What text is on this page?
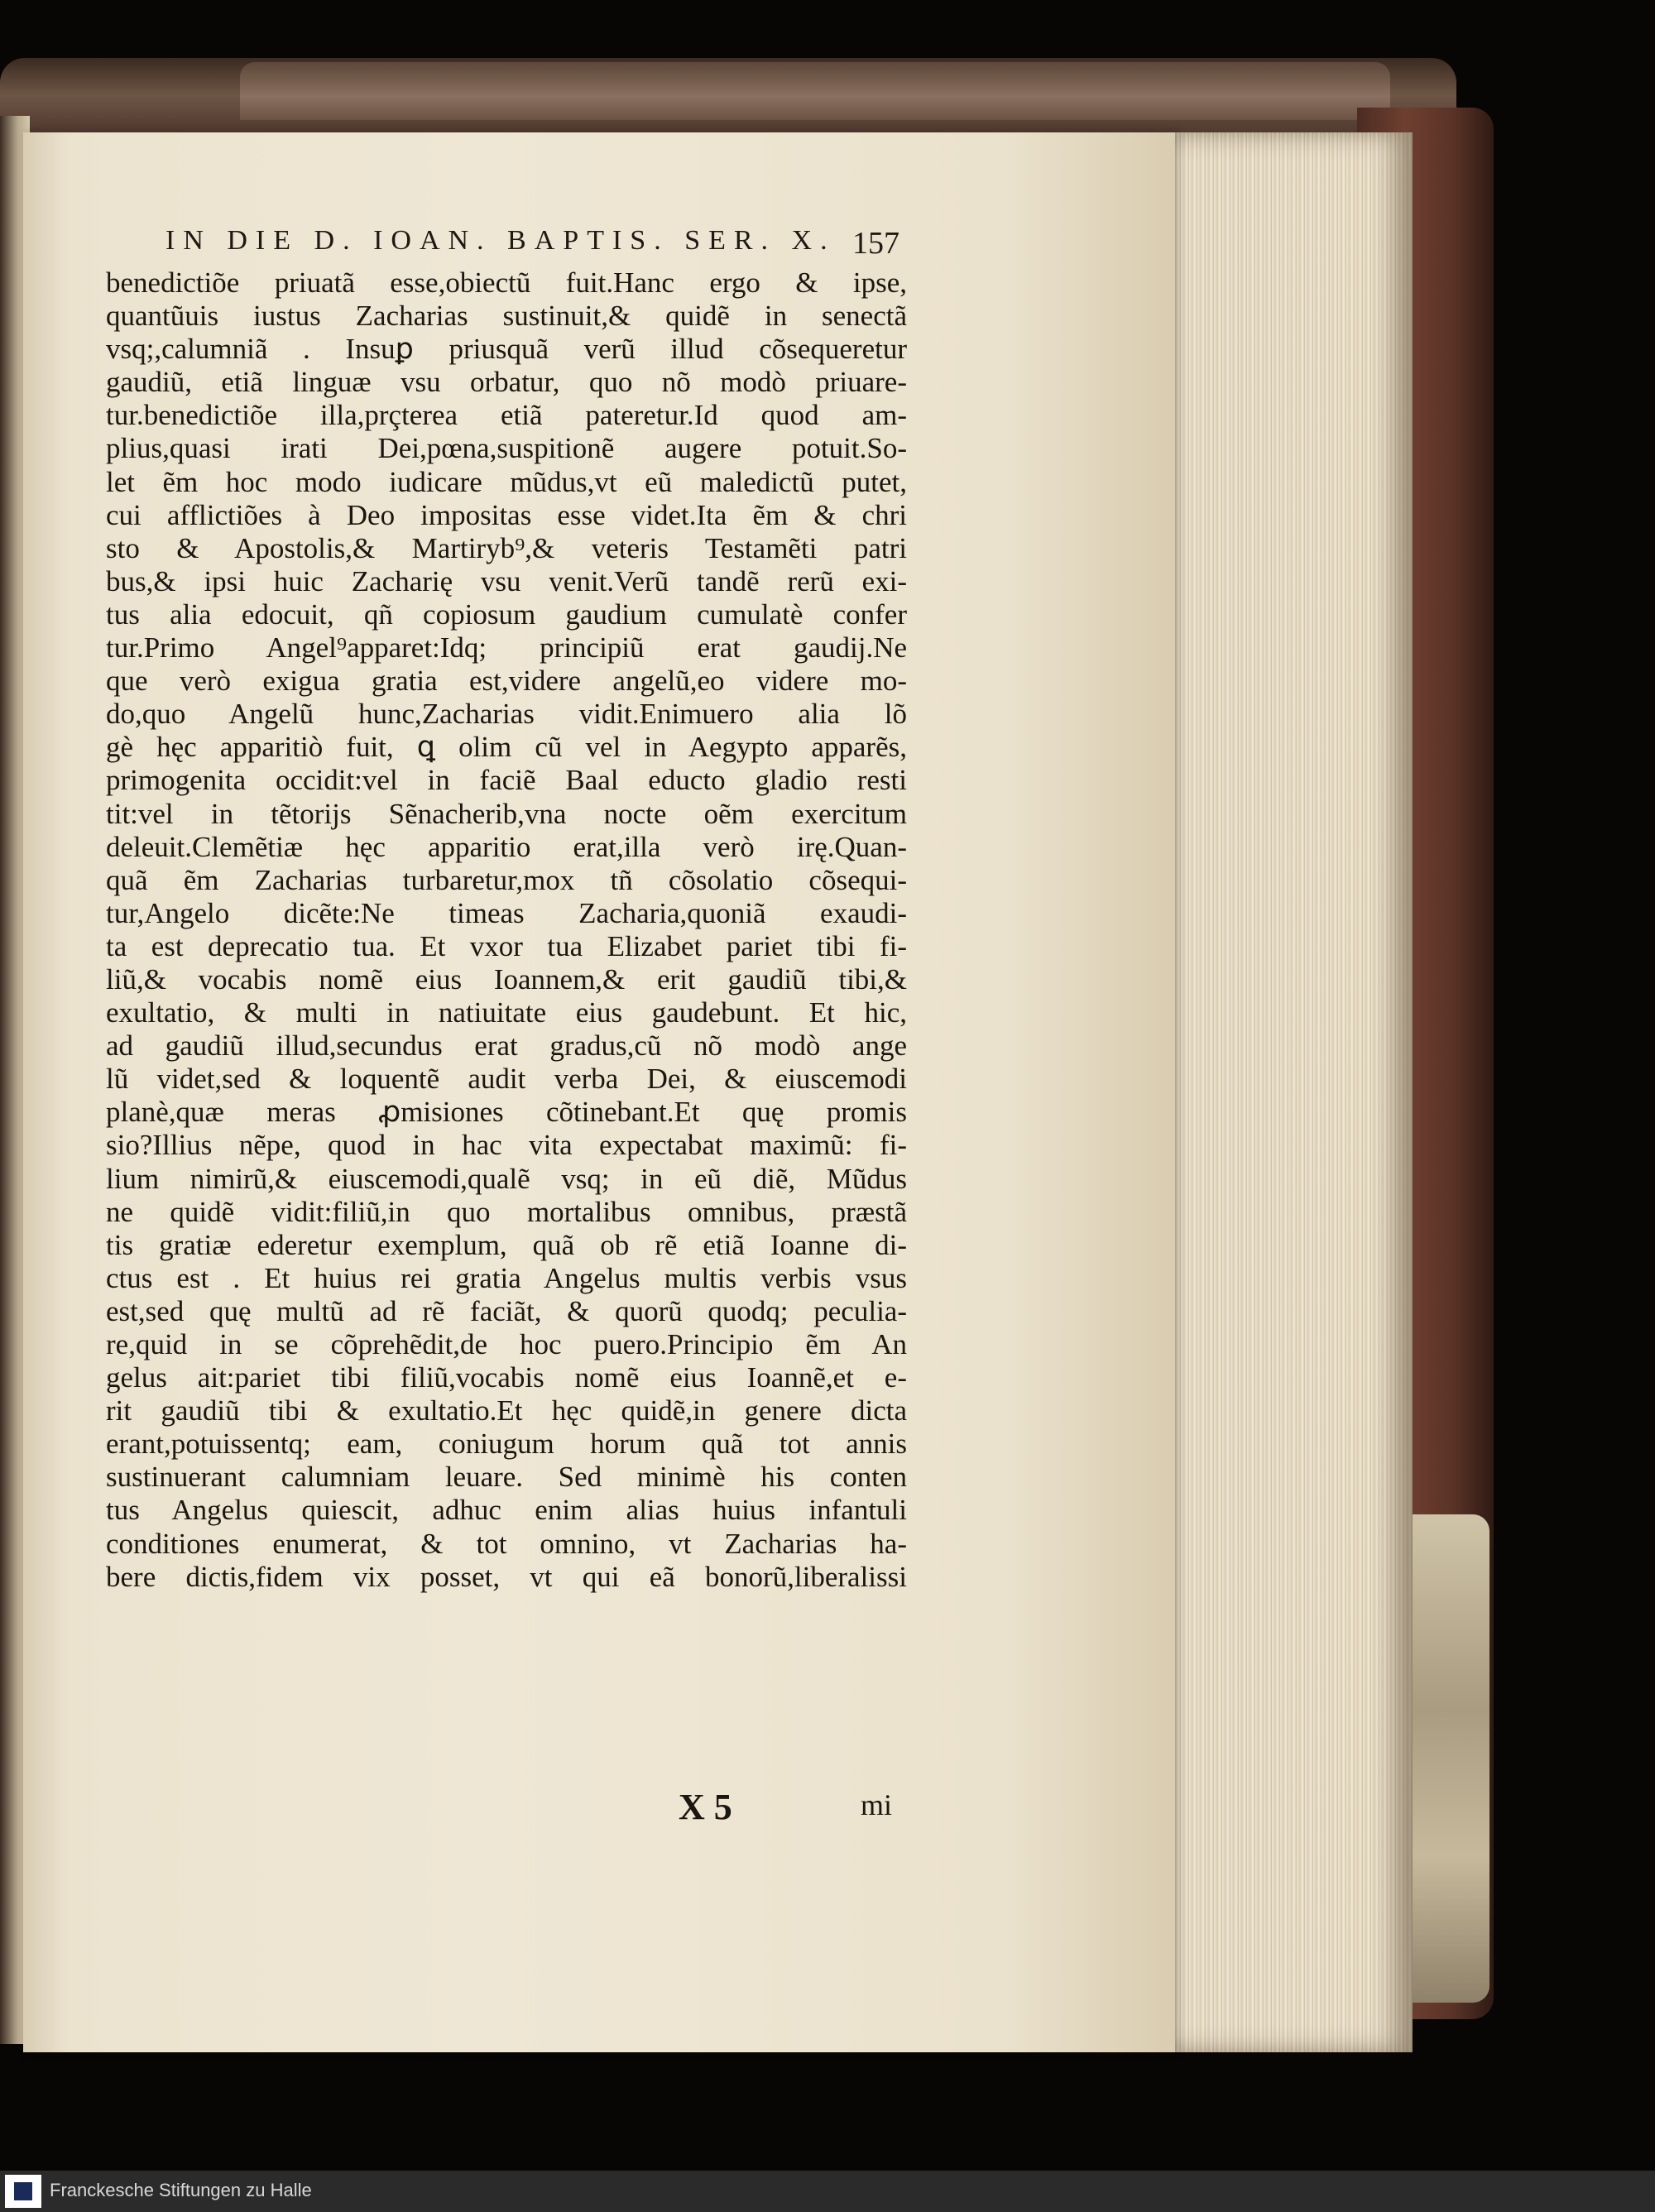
IN DIE D. IOAN. BAPTIS. SER. X. 157
benedictiõe priuatã esse,obiectũ fuit.Hanc ergo & ipse,
quantũuis iustus Zacharias sustinuit,& quidẽ in senectã
vsq;,calumniã . Insuꝑ priusquã verũ illud cõsequeretur
gaudiũ, etiã linguæ vsu orbatur, quo nõ modò priuare-
tur.benedictiõe illa,prçterea etiã pateretur.Id quod am-
plius,quasi irati Dei,pœna,suspitionẽ augere potuit.So-
let ẽm hoc modo iudicare mũdus,vt eũ maledictũ putet,
cui afflictiões à Deo impositas esse videt.Ita ẽm & chri
sto & Apostolis,& Martiryb⁹,& veteris Testamẽti patri
bus,& ipsi huic Zacharię vsu venit.Verũ tandẽ rerũ exi-
tus alia edocuit, qñ copiosum gaudium cumulatè confer
tur.Primo Angel⁹apparet:Idq; principiũ erat gaudij.Ne
que verò exigua gratia est,videre angelũ,eo videre mo-
do,quo Angelũ hunc,Zacharias vidit.Enimuero alia lõ
gè hęc apparitiò fuit, ꝗ olim cũ vel in Aegypto apparẽs,
primogenita occidit:vel in faciẽ Baal educto gladio resti
tit:vel in tẽtorijs Sẽnacherib,vna nocte oẽm exercitum
deleuit.Clemẽtiæ hęc apparitio erat,illa verò irę.Quan-
quã ẽm Zacharias turbaretur,mox tñ cõsolatio cõsequi-
tur,Angelo dicẽte:Ne timeas Zacharia,quoniã exaudi-
ta est deprecatio tua. Et vxor tua Elizabet pariet tibi fi-
liũ,& vocabis nomẽ eius Ioannem,& erit gaudiũ tibi,&
exultatio, & multi in natiuitate eius gaudebunt. Et hic,
ad gaudiũ illud,secundus erat gradus,cũ nõ modò ange
lũ videt,sed & loquentẽ audit verba Dei, & eiuscemodi
planè,quæ meras ꝓmisiones cõtinebant.Et quę promis
sio?Illius nẽpe, quod in hac vita expectabat maximũ: fi-
lium nimirũ,& eiuscemodi,qualẽ vsq; in eũ diẽ, Mũdus
ne quidẽ vidit:filiũ,in quo mortalibus omnibus, præstã
tis gratiæ ederetur exemplum, quã ob rẽ etiã Ioanne di-
ctus est . Et huius rei gratia Angelus multis verbis vsus
est,sed quę multũ ad rẽ faciãt, & quorũ quodq; peculia-
re,quid in se cõprehẽdit,de hoc puero.Principio ẽm An
gelus ait:pariet tibi filiũ,vocabis nomẽ eius Ioannẽ,et e-
rit gaudiũ tibi & exultatio.Et hęc quidẽ,in genere dicta
erant,potuissentq; eam, coniugum horum quã tot annis
sustinuerant calumniam leuare. Sed minimè his conten
tus Angelus quiescit, adhuc enim alias huius infantuli
conditiones enumerat, & tot omnino, vt Zacharias ha-
bere dictis,fidem vix posset, vt qui eã bonorũ,liberalissi
X 5	mi
Franckesche Stiftungen zu Halle
